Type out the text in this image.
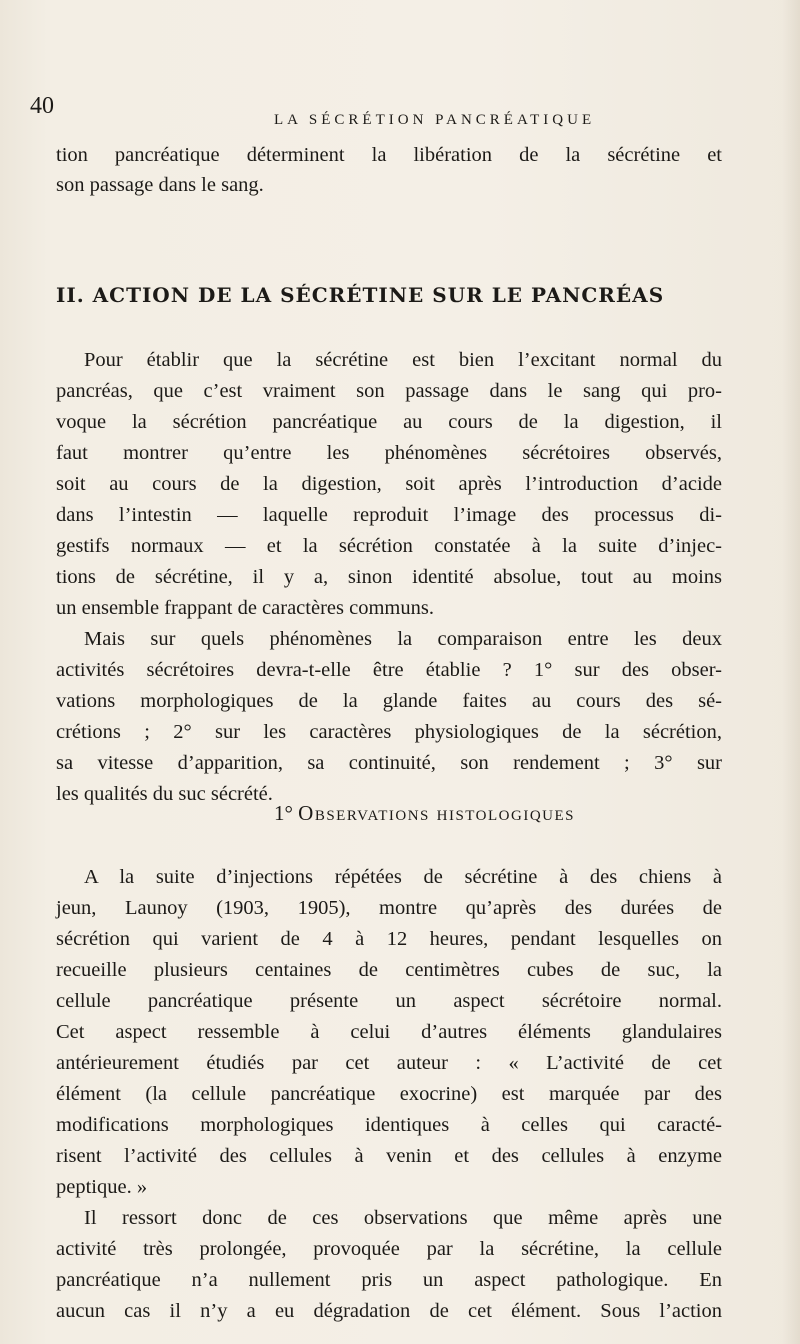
40
LA SÉCRÉTION PANCRÉATIQUE
tion pancréatique déterminent la libération de la sécrétine et
son passage dans le sang.
II. ACTION DE LA SÉCRÉTINE SUR LE PANCRÉAS
Pour établir que la sécrétine est bien l’excitant normal du
pancréas, que c’est vraiment son passage dans le sang qui pro-
voque la sécrétion pancréatique au cours de la digestion, il
faut montrer qu’entre les phénomènes sécrétoires observés,
soit au cours de la digestion, soit après l’introduction d’acide
dans l’intestin — laquelle reproduit l’image des processus di-
gestifs normaux — et la sécrétion constatée à la suite d’injec-
tions de sécrétine, il y a, sinon identité absolue, tout au moins
un ensemble frappant de caractères communs.
Mais sur quels phénomènes la comparaison entre les deux
activités sécrétoires devra-t-elle être établie ? 1° sur des obser-
vations morphologiques de la glande faites au cours des sé-
crétions ; 2° sur les caractères physiologiques de la sécrétion,
sa vitesse d’apparition, sa continuité, son rendement ; 3° sur
les qualités du suc sécrété.
1° Observations histologiques
A la suite d’injections répétées de sécrétine à des chiens à
jeun, Launoy (1903, 1905), montre qu’après des durées de
sécrétion qui varient de 4 à 12 heures, pendant lesquelles on
recueille plusieurs centaines de centimètres cubes de suc, la
cellule pancréatique présente un aspect sécrétoire normal.
Cet aspect ressemble à celui d’autres éléments glandulaires
antérieurement étudiés par cet auteur : « L’activité de cet
élément (la cellule pancréatique exocrine) est marquée par des
modifications morphologiques identiques à celles qui caracté-
risent l’activité des cellules à venin et des cellules à enzyme
peptique. »
Il ressort donc de ces observations que même après une
activité très prolongée, provoquée par la sécrétine, la cellule
pancréatique n’a nullement pris un aspect pathologique. En
aucun cas il n’y a eu dégradation de cet élément. Sous l’action
